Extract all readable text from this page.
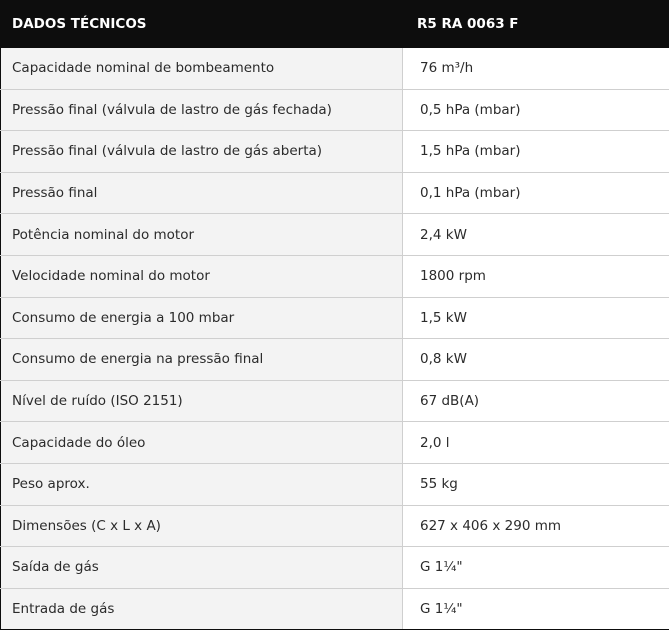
DADOS TÉCNICOS	R5 RA 0063 F
Capacidade nominal de bombeamento	76 m³/h
Pressão final (válvula de lastro de gás fechada)	0,5 hPa (mbar)
Pressão final (válvula de lastro de gás aberta)	1,5 hPa (mbar)
Pressão final	0,1 hPa (mbar)
Potência nominal do motor	2,4 kW
Velocidade nominal do motor	1800 rpm
Consumo de energia a 100 mbar	1,5 kW
Consumo de energia na pressão final	0,8 kW
Nível de ruído (ISO 2151)	67 dB(A)
Capacidade do óleo	2,0 l
Peso aprox.	55 kg
Dimensões (C x L x A)	627 x 406 x 290 mm
Saída de gás	G 1¼"
Entrada de gás	G 1¼"
